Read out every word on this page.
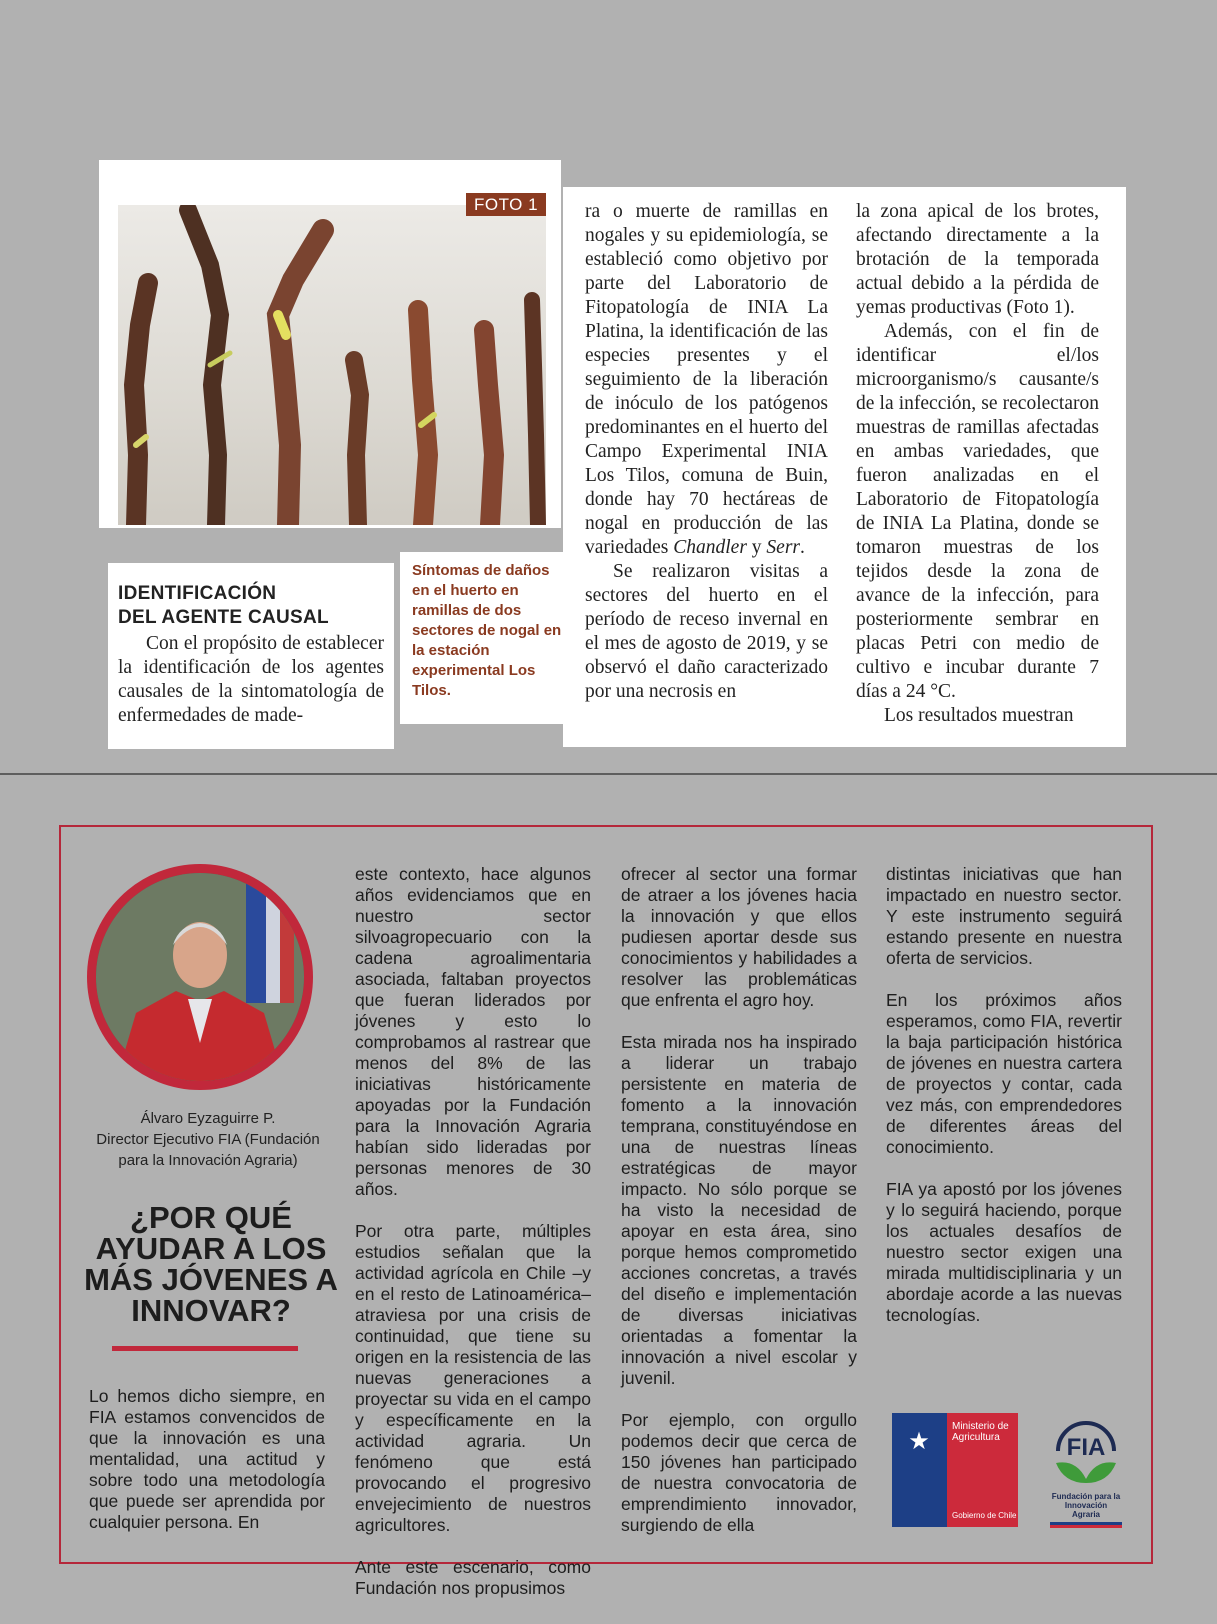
FOTO 1	ra o muerte de ramillas en nogales y su epidemiología, se estableció como objetivo por parte del Laboratorio de Fitopatología de INIA La Platina, la identificación de las especies presentes y el seguimiento de la liberación de inóculo de los patógenos predominantes en el huerto del Campo Experimental INIA Los Tilos, comuna de Buin, donde hay 70 hectáreas de nogal en producción de las variedades Chandler y Serr.

Se realizaron visitas a sectores del huerto en el período de receso invernal en el mes de agosto de 2019, y se observó el daño caracterizado por una necrosis en

la zona apical de los brotes, afectando directamente a la brotación de la temporada actual debido a la pérdida de yemas productivas (Foto 1).

Además, con el fin de identificar el/los microorganismo/s causante/s de la infección, se recolectaron muestras de ramillas afectadas en ambas variedades, que fueron analizadas en el Laboratorio de Fitopatología de INIA La Platina, donde se tomaron muestras de los tejidos desde la zona de avance de la infección, para posteriormente sembrar en placas Petri con medio de cultivo e incubar durante 7 días a 24 °C.

Los resultados muestran

IDENTIFICACIÓN
DEL AGENTE CAUSAL

Con el propósito de establecer la identificación de los agentes causales de la sintomatología de enfermedades de made-

Síntomas de daños en el huerto en ramillas de dos sectores de nogal en la estación experimental Los Tilos.
Álvaro Eyzaguirre P.
Director Ejecutivo FIA (Fundación para la Innovación Agraria)
¿POR QUÉ AYUDAR A LOS MÁS JÓVENES A INNOVAR?

Lo hemos dicho siempre, en FIA estamos convencidos de que la innovación es una mentalidad, una actitud y sobre todo una metodología que puede ser aprendida por cualquier persona. En

este contexto, hace algunos años evidenciamos que en nuestro sector silvoagropecuario con la cadena agroalimentaria asociada, faltaban proyectos que fueran liderados por jóvenes y esto lo comprobamos al rastrear que menos del 8% de las iniciativas históricamente apoyadas por la Fundación para la Innovación Agraria habían sido lideradas por personas menores de 30 años.

Por otra parte, múltiples estudios señalan que la actividad agrícola en Chile –y en el resto de Latinoamérica– atraviesa por una crisis de continuidad, que tiene su origen en la resistencia de las nuevas generaciones a proyectar su vida en el campo y específicamente en la actividad agraria. Un fenómeno que está provocando el progresivo envejecimiento de nuestros agricultores.

Ante este escenario, como Fundación nos propusimos

ofrecer al sector una formar de atraer a los jóvenes hacia la innovación y que ellos pudiesen aportar desde sus conocimientos y habilidades a resolver las problemáticas que enfrenta el agro hoy.

Esta mirada nos ha inspirado a liderar un trabajo persistente en materia de fomento a la innovación temprana, constituyéndose en una de nuestras líneas estratégicas de mayor impacto. No sólo porque se ha visto la necesidad de apoyar en esta área, sino porque hemos comprometido acciones concretas, a través del diseño e implementación de diversas iniciativas orientadas a fomentar la innovación a nivel escolar y juvenil.

Por ejemplo, con orgullo podemos decir que cerca de 150 jóvenes han participado de nuestra convocatoria de emprendimiento innovador, surgiendo de ella

distintas iniciativas que han impactado en nuestro sector. Y este instrumento seguirá estando presente en nuestra oferta de servicios.

En los próximos años esperamos, como FIA, revertir la baja participación histórica de jóvenes en nuestra cartera de proyectos y contar, cada vez más, con emprendedores de diferentes áreas del conocimiento.

FIA ya apostó por los jóvenes y lo seguirá haciendo, porque los actuales desafíos de nuestro sector exigen una mirada multidisciplinaria y un abordaje acorde a las nuevas tecnologías.

★
Ministerio de Agricultura
Gobierno de Chile
FIA
Fundación para la Innovación Agraria
